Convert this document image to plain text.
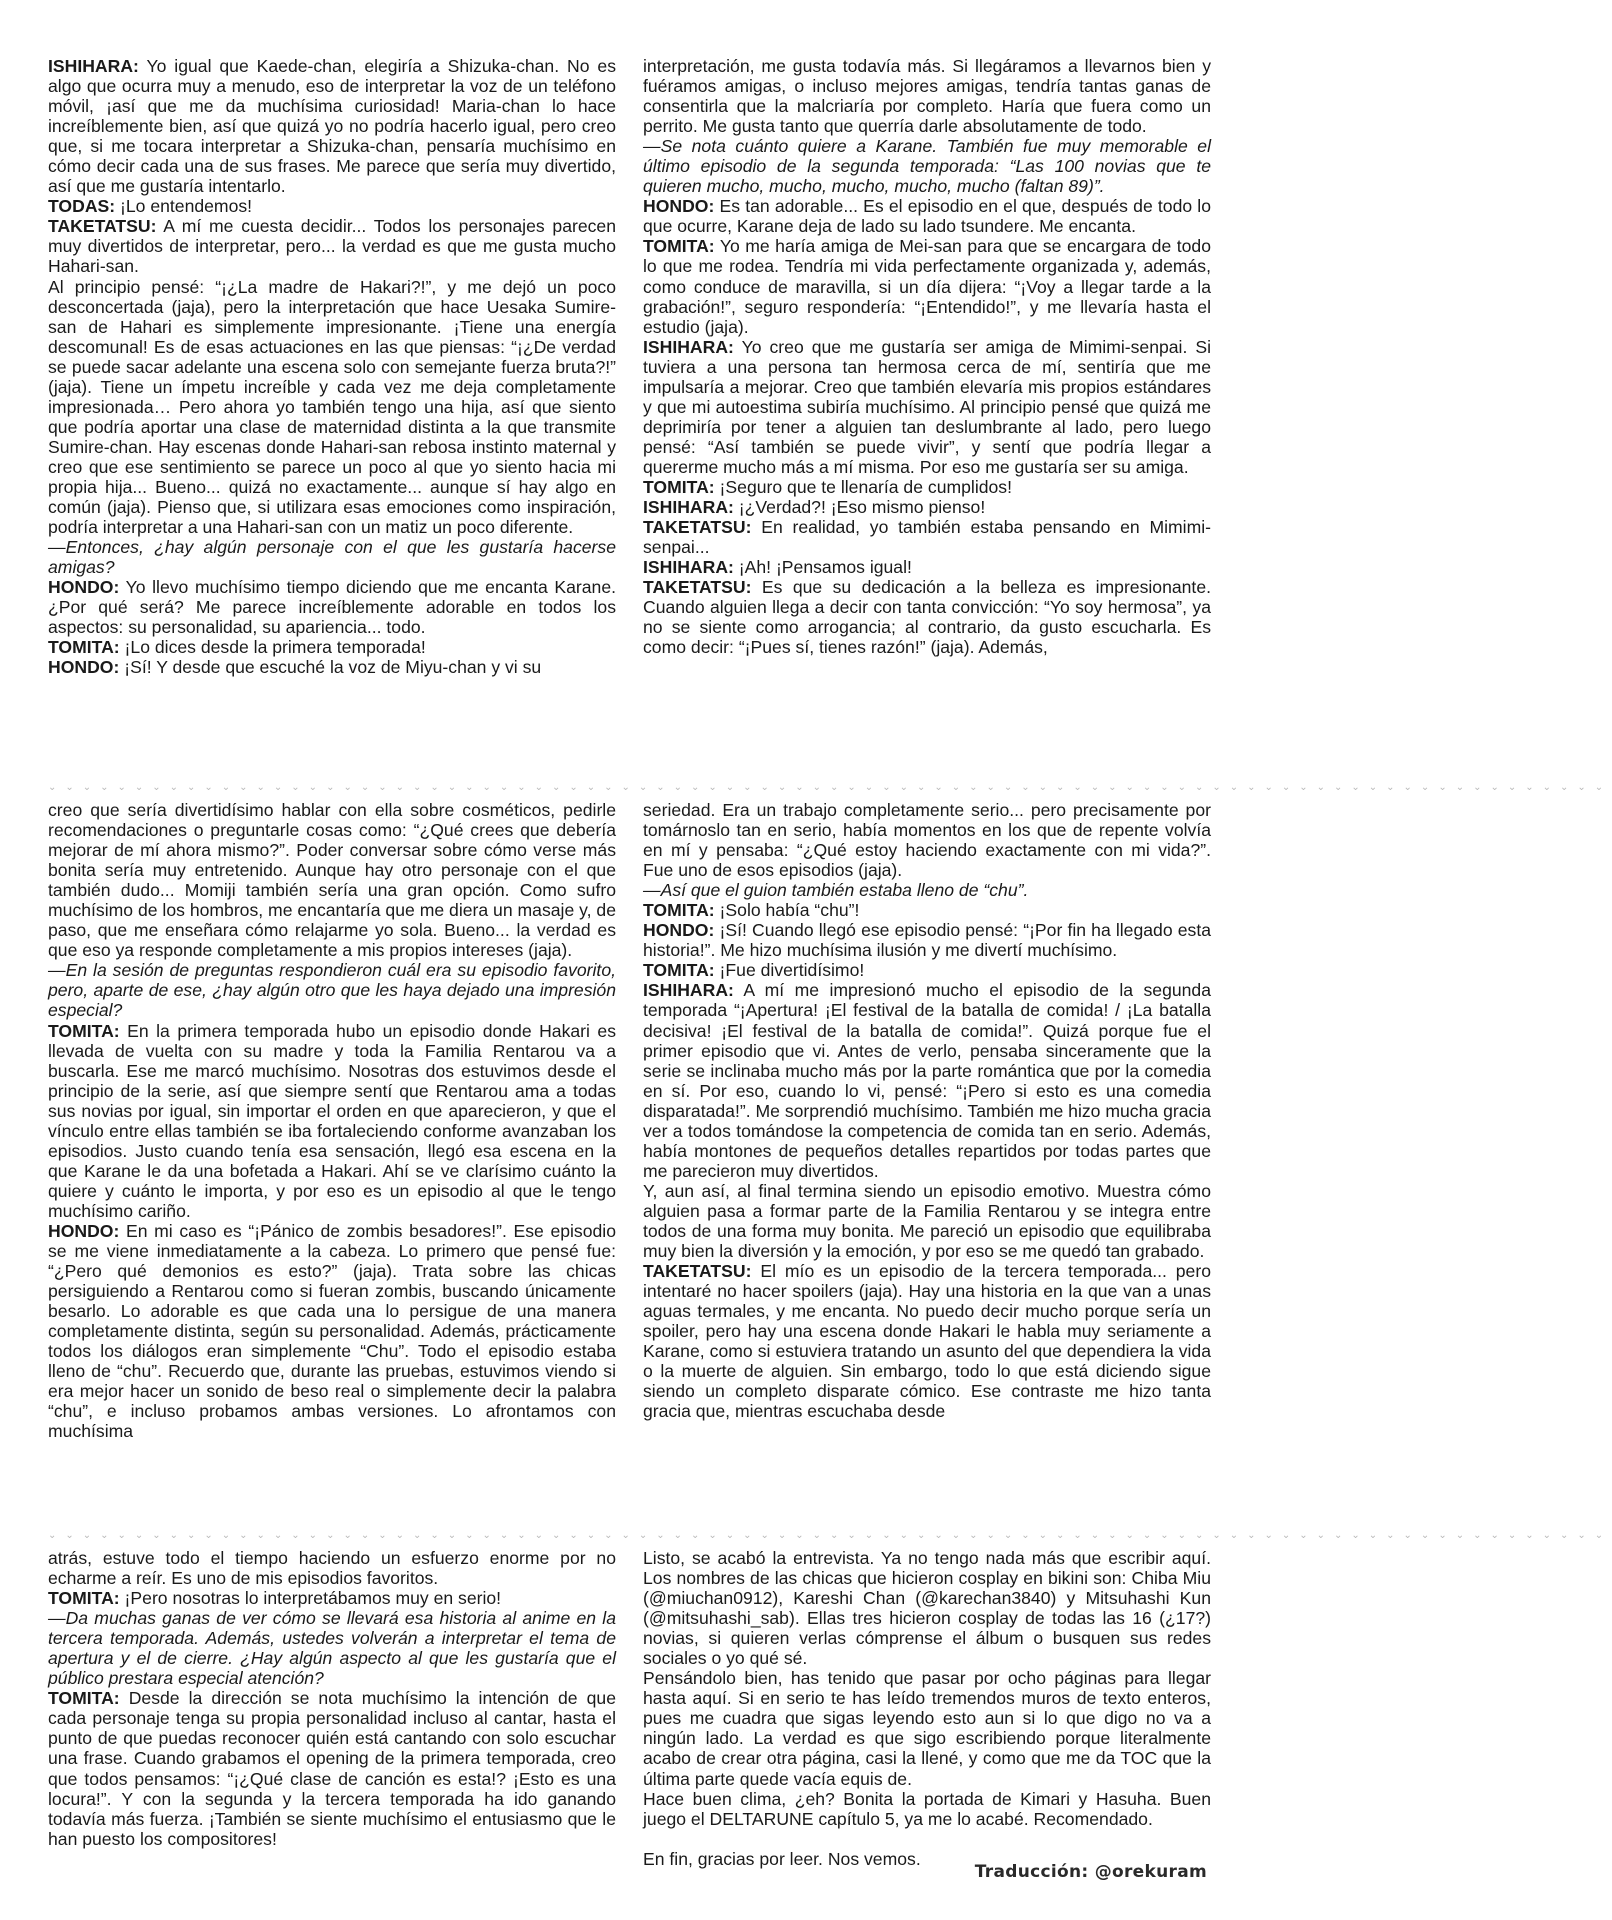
ISHIHARA: Yo igual que Kaede-chan, elegiría a Shizuka-chan. No es algo que ocurra muy a menudo, eso de interpretar la voz de un teléfono móvil, ¡así que me da muchísima curiosidad! Maria-chan lo hace increíblemente bien, así que quizá yo no podría hacerlo igual, pero creo que, si me tocara interpretar a Shizuka-chan, pensaría muchísimo en cómo decir cada una de sus frases. Me parece que sería muy divertido, así que me gustaría intentarlo.

TODAS: ¡Lo entendemos!

TAKETATSU: A mí me cuesta decidir... Todos los personajes parecen muy divertidos de interpretar, pero... la verdad es que me gusta mucho Hahari-san.

Al principio pensé: “¡¿La madre de Hakari?!”, y me dejó un poco desconcertada (jaja), pero la interpretación que hace Uesaka Sumire-san de Hahari es simplemente impresionante. ¡Tiene una energía descomunal! Es de esas actuaciones en las que piensas: “¡¿De verdad se puede sacar adelante una escena solo con semejante fuerza bruta?!” (jaja). Tiene un ímpetu increíble y cada vez me deja completamente impresionada… Pero ahora yo también tengo una hija, así que siento que podría aportar una clase de maternidad distinta a la que transmite Sumire-chan. Hay escenas donde Hahari-san rebosa instinto maternal y creo que ese sentimiento se parece un poco al que yo siento hacia mi propia hija... Bueno... quizá no exactamente... aunque sí hay algo en común (jaja). Pienso que, si utilizara esas emociones como inspiración, podría interpretar a una Hahari-san con un matiz un poco diferente.

—Entonces, ¿hay algún personaje con el que les gustaría hacerse amigas?

HONDO: Yo llevo muchísimo tiempo diciendo que me encanta Karane. ¿Por qué será? Me parece increíblemente adorable en todos los aspectos: su personalidad, su apariencia... todo.

TOMITA: ¡Lo dices desde la primera temporada!

HONDO: ¡Sí! Y desde que escuché la voz de Miyu-chan y vi su

interpretación, me gusta todavía más. Si llegáramos a llevarnos bien y fuéramos amigas, o incluso mejores amigas, tendría tantas ganas de consentirla que la malcriaría por completo. Haría que fuera como un perrito. Me gusta tanto que querría darle absolutamente de todo.

—Se nota cuánto quiere a Karane. También fue muy memorable el último episodio de la segunda temporada: “Las 100 novias que te quieren mucho, mucho, mucho, mucho, mucho (faltan 89)”.

HONDO: Es tan adorable... Es el episodio en el que, después de todo lo que ocurre, Karane deja de lado su lado tsundere. Me encanta.

TOMITA: Yo me haría amiga de Mei-san para que se encargara de todo lo que me rodea. Tendría mi vida perfectamente organizada y, además, como conduce de maravilla, si un día dijera: “¡Voy a llegar tarde a la grabación!”, seguro respondería: “¡Entendido!”, y me llevaría hasta el estudio (jaja).

ISHIHARA: Yo creo que me gustaría ser amiga de Mimimi-senpai. Si tuviera a una persona tan hermosa cerca de mí, sentiría que me impulsaría a mejorar. Creo que también elevaría mis propios estándares y que mi autoestima subiría muchísimo. Al principio pensé que quizá me deprimiría por tener a alguien tan deslumbrante al lado, pero luego pensé: “Así también se puede vivir”, y sentí que podría llegar a quererme mucho más a mí misma. Por eso me gustaría ser su amiga.

TOMITA: ¡Seguro que te llenaría de cumplidos!

ISHIHARA: ¡¿Verdad?! ¡Eso mismo pienso!

TAKETATSU: En realidad, yo también estaba pensando en Mimimi-senpai...

ISHIHARA: ¡Ah! ¡Pensamos igual!

TAKETATSU: Es que su dedicación a la belleza es impresionante. Cuando alguien llega a decir con tanta convicción: “Yo soy hermosa”, ya no se siente como arrogancia; al contrario, da gusto escucharla. Es como decir: “¡Pues sí, tienes razón!” (jaja). Además,

⌄⌄⌄⌄⌄⌄⌄⌄⌄⌄⌄⌄⌄⌄⌄⌄⌄⌄⌄⌄⌄⌄⌄⌄⌄⌄⌄⌄⌄⌄⌄⌄⌄⌄⌄⌄⌄⌄⌄⌄⌄⌄⌄⌄⌄⌄⌄⌄⌄⌄⌄⌄⌄⌄⌄⌄⌄⌄⌄⌄⌄⌄⌄⌄⌄⌄⌄⌄⌄⌄⌄⌄⌄⌄⌄⌄⌄⌄⌄⌄⌄⌄⌄⌄⌄⌄⌄⌄⌄⌄

creo que sería divertidísimo hablar con ella sobre cosméticos, pedirle recomendaciones o preguntarle cosas como: “¿Qué crees que debería mejorar de mí ahora mismo?”. Poder conversar sobre cómo verse más bonita sería muy entretenido. Aunque hay otro personaje con el que también dudo... Momiji también sería una gran opción. Como sufro muchísimo de los hombros, me encantaría que me diera un masaje y, de paso, que me enseñara cómo relajarme yo sola. Bueno... la verdad es que eso ya responde completamente a mis propios intereses (jaja).

—En la sesión de preguntas respondieron cuál era su episodio favorito, pero, aparte de ese, ¿hay algún otro que les haya dejado una impresión especial?

TOMITA: En la primera temporada hubo un episodio donde Hakari es llevada de vuelta con su madre y toda la Familia Rentarou va a buscarla. Ese me marcó muchísimo. Nosotras dos estuvimos desde el principio de la serie, así que siempre sentí que Rentarou ama a todas sus novias por igual, sin importar el orden en que aparecieron, y que el vínculo entre ellas también se iba fortaleciendo conforme avanzaban los episodios. Justo cuando tenía esa sensación, llegó esa escena en la que Karane le da una bofetada a Hakari. Ahí se ve clarísimo cuánto la quiere y cuánto le importa, y por eso es un episodio al que le tengo muchísimo cariño.

HONDO: En mi caso es “¡Pánico de zombis besadores!”. Ese episodio se me viene inmediatamente a la cabeza. Lo primero que pensé fue: “¿Pero qué demonios es esto?” (jaja). Trata sobre las chicas persiguiendo a Rentarou como si fueran zombis, buscando únicamente besarlo. Lo adorable es que cada una lo persigue de una manera completamente distinta, según su personalidad. Además, prácticamente todos los diálogos eran simplemente “Chu”. Todo el episodio estaba lleno de “chu”. Recuerdo que, durante las pruebas, estuvimos viendo si era mejor hacer un sonido de beso real o simplemente decir la palabra “chu”, e incluso probamos ambas versiones. Lo afrontamos con muchísima

seriedad. Era un trabajo completamente serio... pero precisamente por tomárnoslo tan en serio, había momentos en los que de repente volvía en mí y pensaba: “¿Qué estoy haciendo exactamente con mi vida?”. Fue uno de esos episodios (jaja).

—Así que el guion también estaba lleno de “chu”.

TOMITA: ¡Solo había “chu”!

HONDO: ¡Sí! Cuando llegó ese episodio pensé: “¡Por fin ha llegado esta historia!”. Me hizo muchísima ilusión y me divertí muchísimo.

TOMITA: ¡Fue divertidísimo!

ISHIHARA: A mí me impresionó mucho el episodio de la segunda temporada “¡Apertura! ¡El festival de la batalla de comida! / ¡La batalla decisiva! ¡El festival de la batalla de comida!”. Quizá porque fue el primer episodio que vi. Antes de verlo, pensaba sinceramente que la serie se inclinaba mucho más por la parte romántica que por la comedia en sí. Por eso, cuando lo vi, pensé: “¡Pero si esto es una comedia disparatada!”. Me sorprendió muchísimo. También me hizo mucha gracia ver a todos tomándose la competencia de comida tan en serio. Además, había montones de pequeños detalles repartidos por todas partes que me parecieron muy divertidos.

Y, aun así, al final termina siendo un episodio emotivo. Muestra cómo alguien pasa a formar parte de la Familia Rentarou y se integra entre todos de una forma muy bonita. Me pareció un episodio que equilibraba muy bien la diversión y la emoción, y por eso se me quedó tan grabado.

TAKETATSU: El mío es un episodio de la tercera temporada... pero intentaré no hacer spoilers (jaja). Hay una historia en la que van a unas aguas termales, y me encanta. No puedo decir mucho porque sería un spoiler, pero hay una escena donde Hakari le habla muy seriamente a Karane, como si estuviera tratando un asunto del que dependiera la vida o la muerte de alguien. Sin embargo, todo lo que está diciendo sigue siendo un completo disparate cómico. Ese contraste me hizo tanta gracia que, mientras escuchaba desde

⌄⌄⌄⌄⌄⌄⌄⌄⌄⌄⌄⌄⌄⌄⌄⌄⌄⌄⌄⌄⌄⌄⌄⌄⌄⌄⌄⌄⌄⌄⌄⌄⌄⌄⌄⌄⌄⌄⌄⌄⌄⌄⌄⌄⌄⌄⌄⌄⌄⌄⌄⌄⌄⌄⌄⌄⌄⌄⌄⌄⌄⌄⌄⌄⌄⌄⌄⌄⌄⌄⌄⌄⌄⌄⌄⌄⌄⌄⌄⌄⌄⌄⌄⌄⌄⌄⌄⌄⌄⌄

atrás, estuve todo el tiempo haciendo un esfuerzo enorme por no echarme a reír. Es uno de mis episodios favoritos.

TOMITA: ¡Pero nosotras lo interpretábamos muy en serio!

—Da muchas ganas de ver cómo se llevará esa historia al anime en la tercera temporada. Además, ustedes volverán a interpretar el tema de apertura y el de cierre. ¿Hay algún aspecto al que les gustaría que el público prestara especial atención?

TOMITA: Desde la dirección se nota muchísimo la intención de que cada personaje tenga su propia personalidad incluso al cantar, hasta el punto de que puedas reconocer quién está cantando con solo escuchar una frase. Cuando grabamos el opening de la primera temporada, creo que todos pensamos: “¡¿Qué clase de canción es esta!? ¡Esto es una locura!”. Y con la segunda y la tercera temporada ha ido ganando todavía más fuerza. ¡También se siente muchísimo el entusiasmo que le han puesto los compositores!

Listo, se acabó la entrevista. Ya no tengo nada más que escribir aquí. Los nombres de las chicas que hicieron cosplay en bikini son: Chiba Miu (@miuchan0912), Kareshi Chan (@karechan3840) y Mitsuhashi Kun (@mitsuhashi_sab). Ellas tres hicieron cosplay de todas las 16 (¿17?) novias, si quieren verlas cómprense el álbum o busquen sus redes sociales o yo qué sé.

Pensándolo bien, has tenido que pasar por ocho páginas para llegar hasta aquí. Si en serio te has leído tremendos muros de texto enteros, pues me cuadra que sigas leyendo esto aun si lo que digo no va a ningún lado. La verdad es que sigo escribiendo porque literalmente acabo de crear otra página, casi la llené, y como que me da TOC que la última parte quede vacía equis de.

Hace buen clima, ¿eh? Bonita la portada de Kimari y Hasuha. Buen juego el DELTARUNE capítulo 5, ya me lo acabé. Recomendado.

En fin, gracias por leer. Nos vemos.

Traducción: @orekuram
